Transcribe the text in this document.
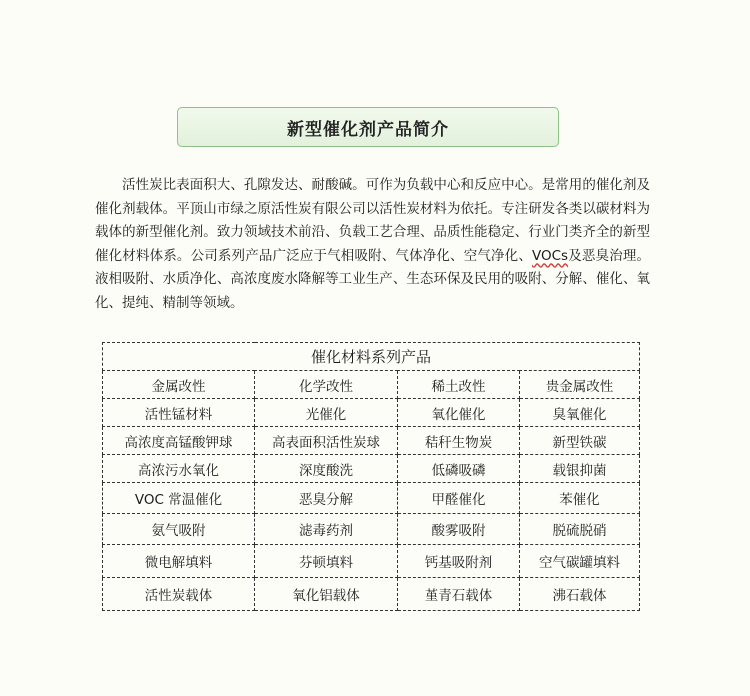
新型催化剂产品简介

活性炭比表面积大、孔隙发达、耐酸碱。可作为负载中心和反应中心。是常用的催化剂及催化剂载体。平顶山市绿之原活性炭有限公司以活性炭材料为依托。专注研发各类以碳材料为载体的新型催化剂。致力领域技术前沿、负载工艺合理、品质性能稳定、行业门类齐全的新型催化材料体系。公司系列产品广泛应于气相吸附、气体净化、空气净化、VOCs及恶臭治理。液相吸附、水质净化、高浓度废水降解等工业生产、生态环保及民用的吸附、分解、催化、氧化、提纯、精制等领域。

催化材料系列产品			
金属改性	化学改性	稀土改性	贵金属改性
活性锰材料	光催化	氧化催化	臭氧催化
高浓度高锰酸钾球	高表面积活性炭球	秸秆生物炭	新型铁碳
高浓污水氧化	深度酸洗	低磷吸磷	载银抑菌
VOC 常温催化	恶臭分解	甲醛催化	苯催化
氨气吸附	滤毒药剂	酸雾吸附	脱硫脱硝
微电解填料	芬顿填料	钙基吸附剂	空气碳罐填料
活性炭载体	氧化铝载体	堇青石载体	沸石载体
